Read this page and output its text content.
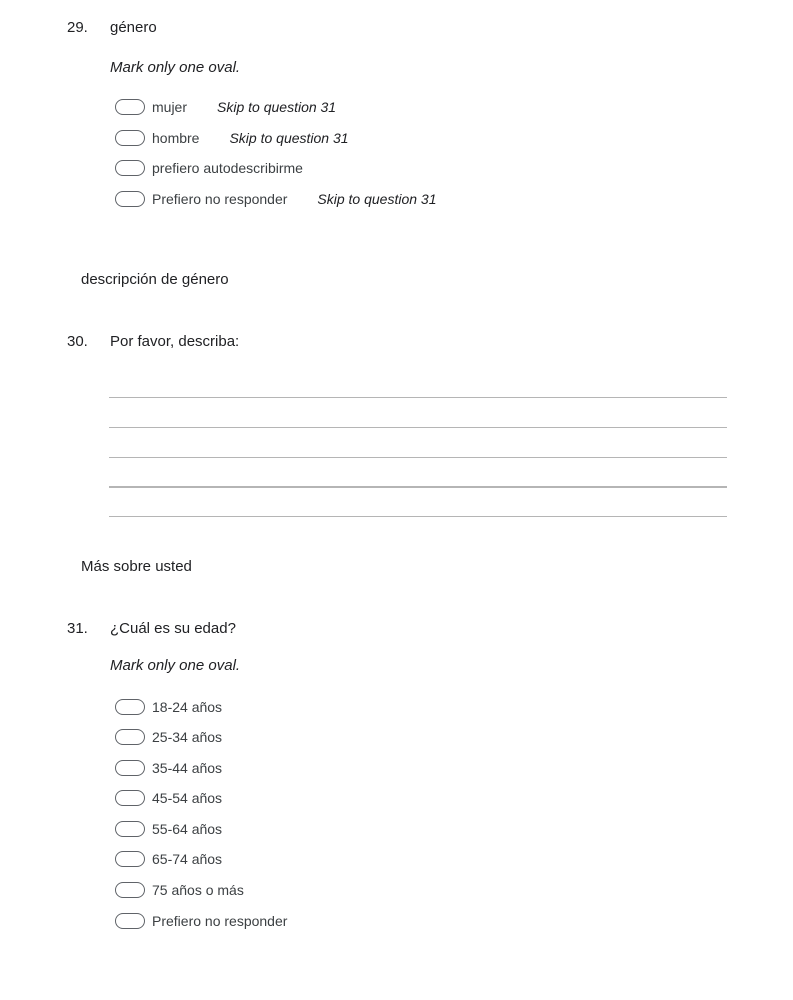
29. género
Mark only one oval.
mujer Skip to question 31
hombre Skip to question 31
prefiero autodescribirme
Prefiero no responder Skip to question 31
descripción de género
30. Por favor, describa:
Más sobre usted
31. ¿Cuál es su edad?
Mark only one oval.
18-24 años
25-34 años
35-44 años
45-54 años
55-64 años
65-74 años
75 años o más
Prefiero no responder
